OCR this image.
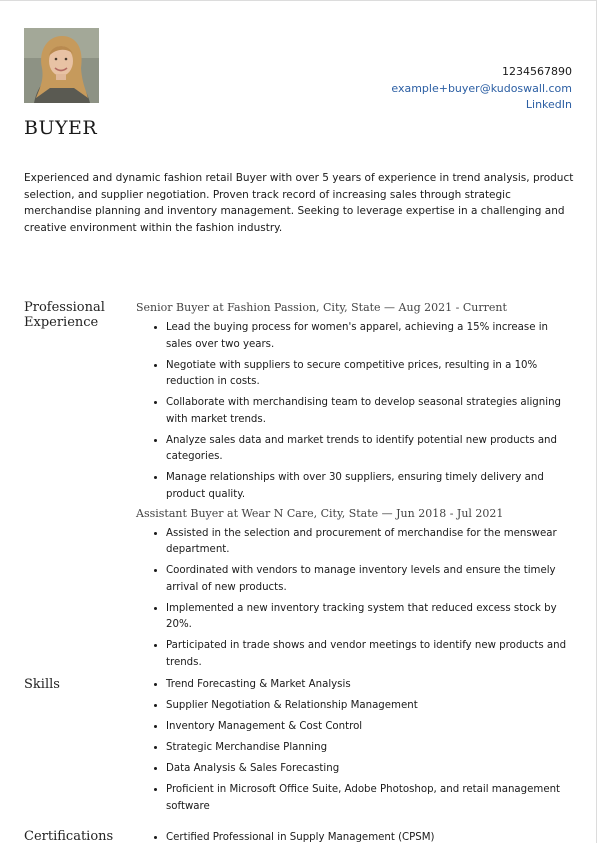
BUYER
1234567890
example+buyer@kudoswall.com
LinkedIn
Experienced and dynamic fashion retail Buyer with over 5 years of experience in trend analysis, product selection, and supplier negotiation. Proven track record of increasing sales through strategic merchandise planning and inventory management. Seeking to leverage expertise in a challenging and creative environment within the fashion industry.
Professional Experience
Senior Buyer at Fashion Passion, City, State — Aug 2021 - Current
• Lead the buying process for women's apparel, achieving a 15% increase in sales over two years.
• Negotiate with suppliers to secure competitive prices, resulting in a 10% reduction in costs.
• Collaborate with merchandising team to develop seasonal strategies aligning with market trends.
• Analyze sales data and market trends to identify potential new products and categories.
• Manage relationships with over 30 suppliers, ensuring timely delivery and product quality.
Assistant Buyer at Wear N Care, City, State — Jun 2018 - Jul 2021
• Assisted in the selection and procurement of merchandise for the menswear department.
• Coordinated with vendors to manage inventory levels and ensure the timely arrival of new products.
• Implemented a new inventory tracking system that reduced excess stock by 20%.
• Participated in trade shows and vendor meetings to identify new products and trends.
Skills	• Trend Forecasting & Market Analysis
• Supplier Negotiation & Relationship Management
• Inventory Management & Cost Control
• Strategic Merchandise Planning
• Data Analysis & Sales Forecasting
• Proficient in Microsoft Office Suite, Adobe Photoshop, and retail management software
Certifications	• Certified Professional in Supply Management (CPSM)
